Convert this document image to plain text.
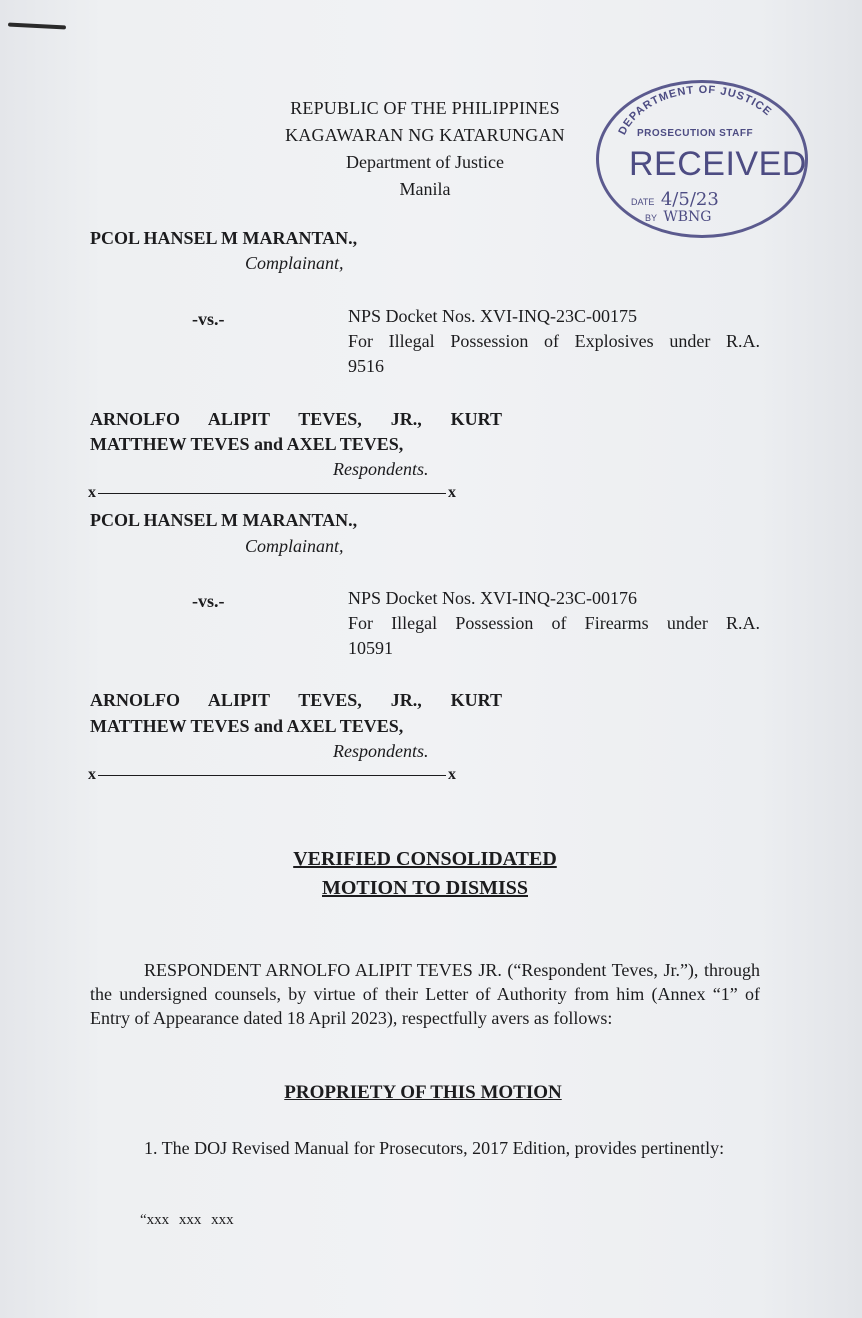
REPUBLIC OF THE PHILIPPINES
KAGAWARAN NG KATARUNGAN
Department of Justice
Manila
DEPARTMENT OF JUSTICE
PROSECUTION STAFF
RECEIVED
DATE 4/5/23
BY WBNG
PCOL HANSEL M MARANTAN.,
Complainant,
-vs.-	NPS Docket Nos. XVI-INQ-23C-00175
For Illegal Possession of Explosives under R.A.
9516
ARNOLFO ALIPIT TEVES, JR., KURT
MATTHEW TEVES and AXEL TEVES,
Respondents.
x	x
PCOL HANSEL M MARANTAN.,
Complainant,
-vs.-	NPS Docket Nos. XVI-INQ-23C-00176
For Illegal Possession of Firearms under R.A.
10591
ARNOLFO ALIPIT TEVES, JR., KURT
MATTHEW TEVES and AXEL TEVES,
Respondents.
x	x
VERIFIED CONSOLIDATED
MOTION TO DISMISS
RESPONDENT ARNOLFO ALIPIT TEVES JR. (“Respondent Teves, Jr.”), through the undersigned counsels, by virtue of their Letter of Authority from him (Annex “1” of Entry of Appearance dated 18 April 2023), respectfully avers as follows:
PROPRIETY OF THIS MOTION
1. The DOJ Revised Manual for Prosecutors, 2017 Edition, provides pertinently:
“xxx xxx xxx
